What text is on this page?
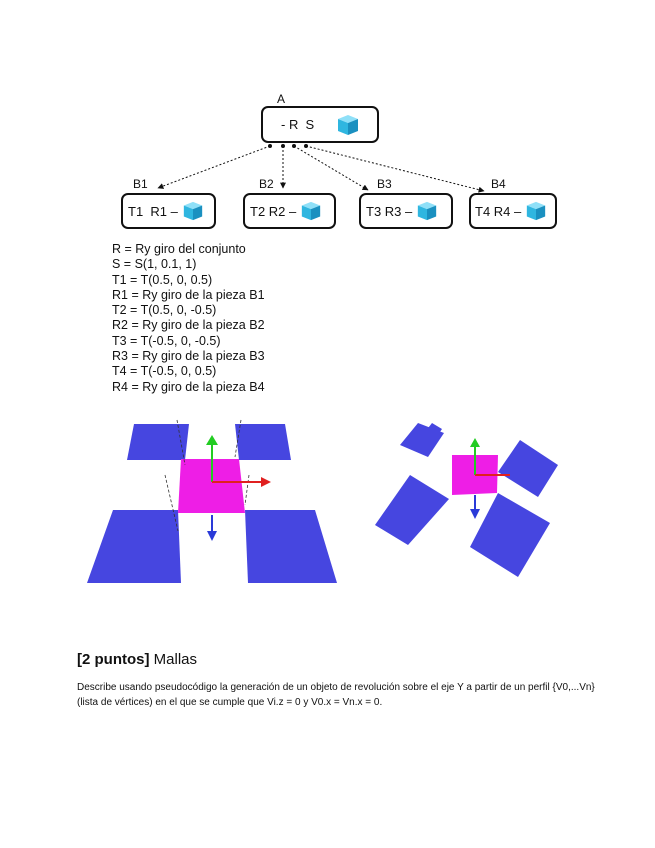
A
- R  S
B1	B2	B3	B4
T1  R1 –	T2 R2 –	T3 R3 –	T4 R4 –
R = Ry giro del conjunto
S = S(1, 0.1, 1)
T1 = T(0.5, 0, 0.5)
R1 = Ry giro de la pieza B1
T2 = T(0.5, 0, -0.5)
R2 = Ry giro de la pieza B2
T3 = T(-0.5, 0, -0.5)
R3 = Ry giro de la pieza B3
T4 = T(-0.5, 0, 0.5)
R4 = Ry giro de la pieza B4
[2 puntos] Mallas
Describe usando pseudocódigo la generación de un objeto de revolución sobre el eje Y a partir de un perfil {V0,...Vn} (lista de vértices) en el que se cumple que Vi.z = 0 y V0.x = Vn.x = 0.
